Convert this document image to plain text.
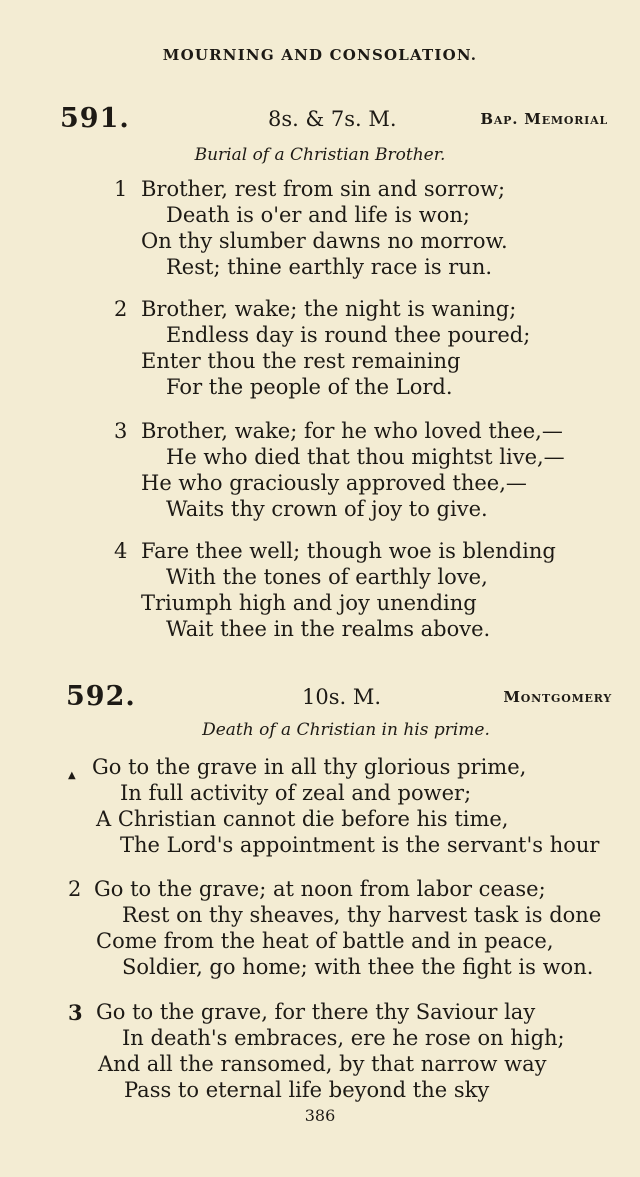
MOURNING AND CONSOLATION.
591.	8s. & 7s. M.	Bap. Memorial
Burial of a Christian Brother.
1 Brother, rest from sin and sorrow;
Death is o'er and life is won;
On thy slumber dawns no morrow.
Rest; thine earthly race is run.
2 Brother, wake; the night is waning;
Endless day is round thee poured;
Enter thou the rest remaining
For the people of the Lord.
3 Brother, wake; for he who loved thee,—
He who died that thou mightst live,—
He who graciously approved thee,—
Waits thy crown of joy to give.
4 Fare thee well; though woe is blending
With the tones of earthly love,
Triumph high and joy unending
Wait thee in the realms above.
592.	10s. M.	Montgomery
Death of a Christian in his prime.
▲ Go to the grave in all thy glorious prime,
In full activity of zeal and power;
A Christian cannot die before his time,
The Lord's appointment is the servant's hour
2 Go to the grave; at noon from labor cease;
Rest on thy sheaves, thy harvest task is done
Come from the heat of battle and in peace,
Soldier, go home; with thee the fight is won.
3 Go to the grave, for there thy Saviour lay
In death's embraces, ere he rose on high;
And all the ransomed, by that narrow way
Pass to eternal life beyond the sky
386
